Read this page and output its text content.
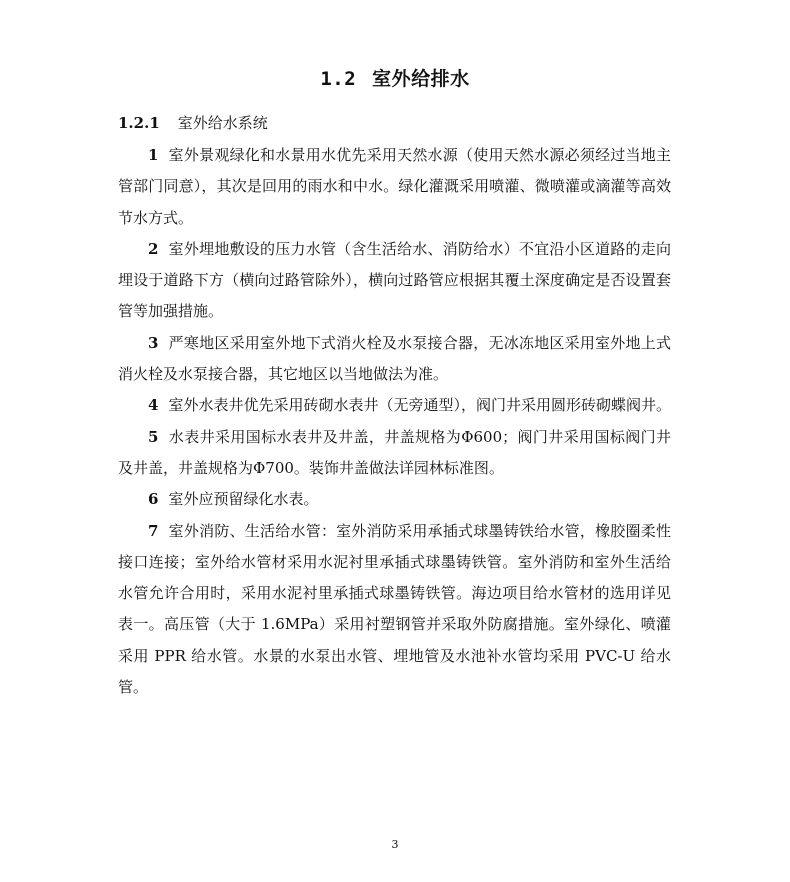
1.2 室外给排水
1.2.1 室外给水系统

1 室外景观绿化和水景用水优先采用天然水源（使用天然水源必须经过当地主管部门同意），其次是回用的雨水和中水。绿化灌溉采用喷灌、微喷灌或滴灌等高效节水方式。

2 室外埋地敷设的压力水管（含生活给水、消防给水）不宜沿小区道路的走向埋设于道路下方（横向过路管除外），横向过路管应根据其覆土深度确定是否设置套管等加强措施。

3 严寒地区采用室外地下式消火栓及水泵接合器，无冰冻地区采用室外地上式消火栓及水泵接合器，其它地区以当地做法为准。

4 室外水表井优先采用砖砌水表井（无旁通型），阀门井采用圆形砖砌蝶阀井。

5 水表井采用国标水表井及井盖，井盖规格为Φ600；阀门井采用国标阀门井及井盖，井盖规格为Φ700。装饰井盖做法详园林标准图。

6 室外应预留绿化水表。

7 室外消防、生活给水管：室外消防采用承插式球墨铸铁给水管，橡胶圈柔性接口连接；室外给水管材采用水泥衬里承插式球墨铸铁管。室外消防和室外生活给水管允许合用时，采用水泥衬里承插式球墨铸铁管。海边项目给水管材的选用详见表一。高压管（大于 1.6MPa）采用衬塑钢管并采取外防腐措施。室外绿化、喷灌采用 PPR 给水管。水景的水泵出水管、埋地管及水池补水管均采用 PVC-U 给水管。

3
